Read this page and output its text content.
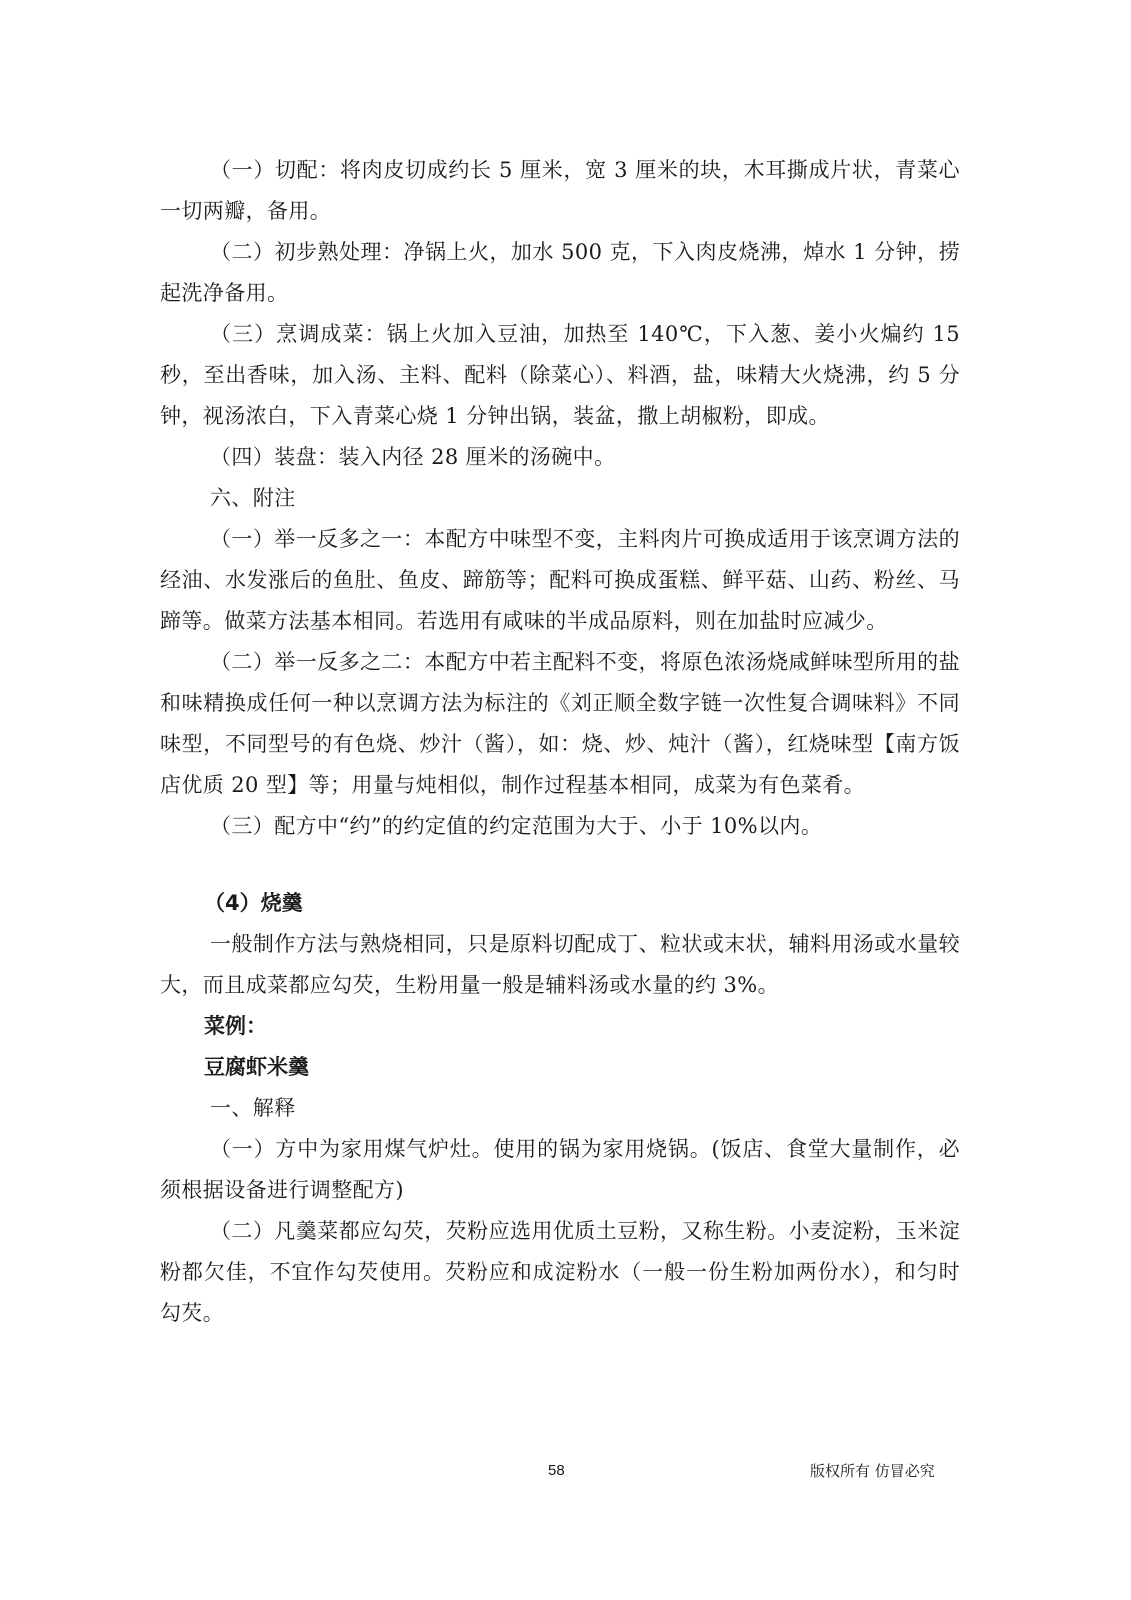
（一）切配：将肉皮切成约长 5 厘米，宽 3 厘米的块，木耳撕成片状，青菜心一切两瓣，备用。

（二）初步熟处理：净锅上火，加水 500 克，下入肉皮烧沸，焯水 1 分钟，捞起洗净备用。

（三）烹调成菜：锅上火加入豆油，加热至 140℃，下入葱、姜小火煸约 15 秒，至出香味，加入汤、主料、配料（除菜心）、料酒，盐，味精大火烧沸，约 5 分钟，视汤浓白，下入青菜心烧 1 分钟出锅，装盆，撒上胡椒粉，即成。

（四）装盘：装入内径 28 厘米的汤碗中。

六、附注

（一）举一反多之一：本配方中味型不变，主料肉片可换成适用于该烹调方法的经油、水发涨后的鱼肚、鱼皮、蹄筋等；配料可换成蛋糕、鲜平菇、山药、粉丝、马蹄等。做菜方法基本相同。若选用有咸味的半成品原料，则在加盐时应减少。

（二）举一反多之二：本配方中若主配料不变，将原色浓汤烧咸鲜味型所用的盐和味精换成任何一种以烹调方法为标注的《刘正顺全数字链一次性复合调味料》不同味型，不同型号的有色烧、炒汁（酱），如：烧、炒、炖汁（酱），红烧味型【南方饭店优质 20 型】等；用量与炖相似，制作过程基本相同，成菜为有色菜肴。

（三）配方中“约”的约定值的约定范围为大于、小于 10%以内。

（4）烧羹

一般制作方法与熟烧相同，只是原料切配成丁、粒状或末状，辅料用汤或水量较大，而且成菜都应勾芡，生粉用量一般是辅料汤或水量的约 3%。

菜例：

豆腐虾米羹

一、解释

（一）方中为家用煤气炉灶。使用的锅为家用烧锅。(饭店、食堂大量制作，必须根据设备进行调整配方)

（二）凡羹菜都应勾芡，芡粉应选用优质土豆粉，又称生粉。小麦淀粉，玉米淀粉都欠佳，不宜作勾芡使用。芡粉应和成淀粉水（一般一份生粉加两份水），和匀时勾芡。

58	版权所有 仿冒必究
